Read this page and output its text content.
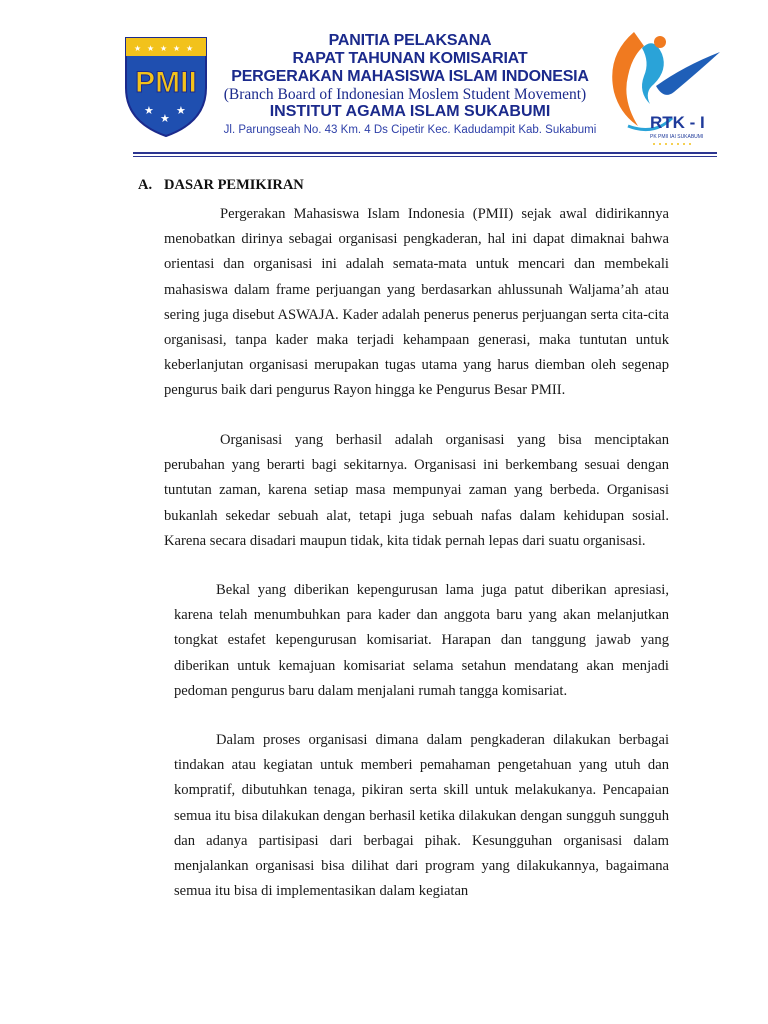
★ ★ ★ ★ ★
PMII
★
★
★
RTK - I
PK PMII IAI SUKABUMI
PANITIA PELAKSANA
RAPAT TAHUNAN KOMISARIAT
PERGERAKAN MAHASISWA ISLAM INDONESIA
(Branch Board of Indonesian Moslem Student Movement)
INSTITUT AGAMA ISLAM SUKABUMI
Jl. Parungseah No. 43 Km. 4 Ds Cipetir Kec. Kadudampit Kab. Sukabumi
A. DASAR PEMIKIRAN

Pergerakan Mahasiswa Islam Indonesia (PMII) sejak awal didirikannya menobatkan dirinya sebagai organisasi pengkaderan, hal ini dapat dimaknai bahwa orientasi dan organisasi ini adalah semata-mata untuk mencari dan membekali mahasiswa dalam frame perjuangan yang berdasarkan ahlussunah Waljama’ah atau sering juga disebut ASWAJA. Kader adalah penerus penerus perjuangan serta cita-cita organisasi, tanpa kader maka terjadi kehampaan generasi, maka tuntutan untuk keberlanjutan organisasi merupakan tugas utama yang harus diemban oleh segenap pengurus baik dari pengurus Rayon hingga ke Pengurus Besar PMII.

Organisasi yang berhasil adalah organisasi yang bisa menciptakan perubahan yang berarti bagi sekitarnya. Organisasi ini berkembang sesuai dengan tuntutan zaman, karena setiap masa mempunyai zaman yang berbeda. Organisasi bukanlah sekedar sebuah alat, tetapi juga sebuah nafas dalam kehidupan sosial. Karena secara disadari maupun tidak, kita tidak pernah lepas dari suatu organisasi.

Bekal yang diberikan kepengurusan lama juga patut diberikan apresiasi, karena telah menumbuhkan para kader dan anggota baru yang akan melanjutkan tongkat estafet kepengurusan komisariat. Harapan dan tanggung jawab yang diberikan untuk kemajuan komisariat selama setahun mendatang akan menjadi pedoman pengurus baru dalam menjalani rumah tangga komisariat.

Dalam proses organisasi dimana dalam pengkaderan dilakukan berbagai tindakan atau kegiatan untuk memberi pemahaman pengetahuan yang utuh dan kompratif, dibutuhkan tenaga, pikiran serta skill untuk melakukanya. Pencapaian semua itu bisa dilakukan dengan berhasil ketika dilakukan dengan sungguh sungguh dan adanya partisipasi dari berbagai pihak. Kesungguhan organisasi dalam menjalankan organisasi bisa dilihat dari program yang dilakukannya, bagaimana semua itu bisa di implementasikan dalam kegiatan
